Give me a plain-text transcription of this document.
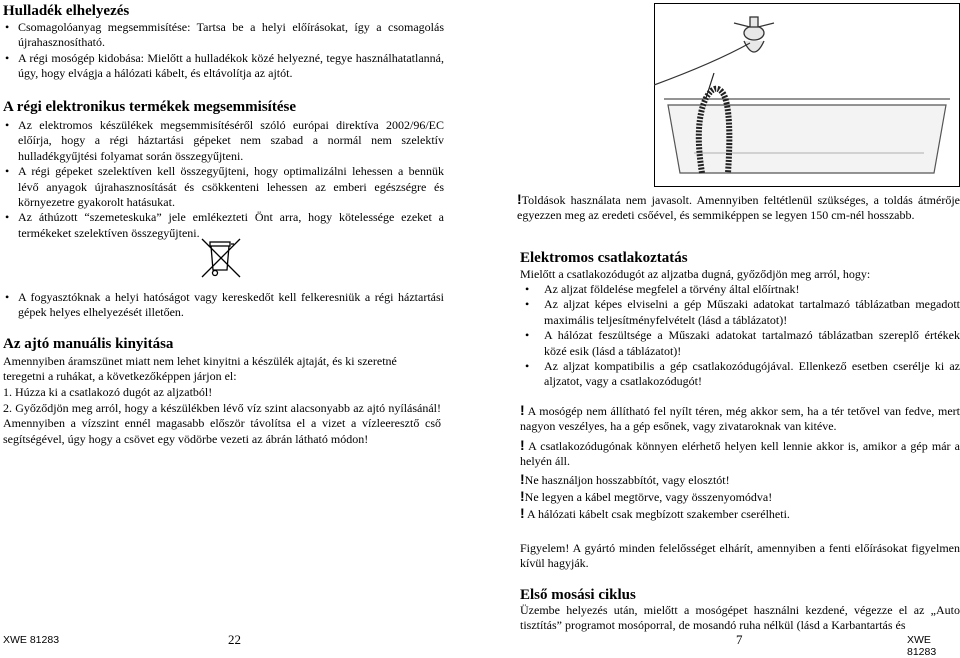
Hulladék elhelyezés
• Csomagolóanyag megsemmisítése: Tartsa be a helyi előírásokat, így a csomagolás újrahasznosítható.
• A régi mosógép kidobása: Mielőtt a hulladékok közé helyezné, tegye használhatatlanná, úgy, hogy elvágja a hálózati kábelt, és eltávolítja az ajtót.
A régi elektronikus termékek megsemmisítése
• Az elektromos készülékek megsemmisítéséről szóló európai direktíva 2002/96/EC előírja, hogy a régi háztartási gépeket nem szabad a normál nem szelektív hulladékgyűjtési folyamat során összegyűjteni.
• A régi gépeket szelektíven kell összegyűjteni, hogy optimalizálni lehessen a bennük lévő anyagok újrahasznosítását és csökkenteni lehessen az emberi egészségre és környezetre gyakorolt hatásukat.
• Az áthúzott “szemeteskuka” jele emlékezteti Önt arra, hogy kötelessége ezeket a termékeket szelektíven összegyűjteni.
• A fogyasztóknak a helyi hatóságot vagy kereskedőt kell felkeresniük a régi háztartási gépek helyes elhelyezését illetően.
Az ajtó manuális kinyitása

Amennyiben áramszünet miatt nem lehet kinyitni a készülék ajtaját, és ki szeretné teregetni a ruhákat, a következőképpen járjon el:

1. Húzza ki a csatlakozó dugót az aljzatból!

2. Győződjön meg arról, hogy a készülékben lévő víz szint alacsonyabb az ajtó nyílásánál! Amennyiben a vízszint ennél magasabb először távolítsa el a vizet a vízleeresztő cső segítségével, úgy hogy a csövet egy vödörbe vezeti az ábrán látható módon!

XWE 81283	22

!Toldások használata nem javasolt. Amennyiben feltétlenül szükséges, a toldás átmérője egyezzen meg az eredeti csőével, és semmiképpen se legyen 150 cm-nél hosszabb.

Elektromos csatlakoztatás

Mielőtt a csatlakozódugót az aljzatba dugná, győződjön meg arról, hogy:

• Az aljzat földelése megfelel a törvény által előírtnak!
• Az aljzat képes elviselni a gép Műszaki adatokat tartalmazó táblázatban megadott maximális teljesítményfelvételt (lásd a táblázatot)!
• A hálózat feszültsége a Műszaki adatokat tartalmazó táblázatban szereplő értékek közé esik (lásd a táblázatot)!
• Az aljzat kompatibilis a gép csatlakozódugójával. Ellenkező esetben cserélje ki az aljzatot, vagy a csatlakozódugót!

! A mosógép nem állítható fel nyílt téren, még akkor sem, ha a tér tetővel van fedve, mert nagyon veszélyes, ha a gép esőnek, vagy zivataroknak van kitéve.

! A csatlakozódugónak könnyen elérhető helyen kell lennie akkor is, amikor a gép már a helyén áll.

!Ne használjon hosszabbítót, vagy elosztót!

!Ne legyen a kábel megtörve, vagy összenyomódva!

! A hálózati kábelt csak megbízott szakember cserélheti.

Figyelem! A gyártó minden felelősséget elhárít, amennyiben a fenti előírásokat figyelmen kívül hagyják.

Első mosási ciklus

Üzembe helyezés után, mielőtt a mosógépet használni kezdené, végezze el az „Auto tisztítás” programot mosóporral, de mosandó ruha nélkül (lásd a Karbantartás és

7	XWE 81283
